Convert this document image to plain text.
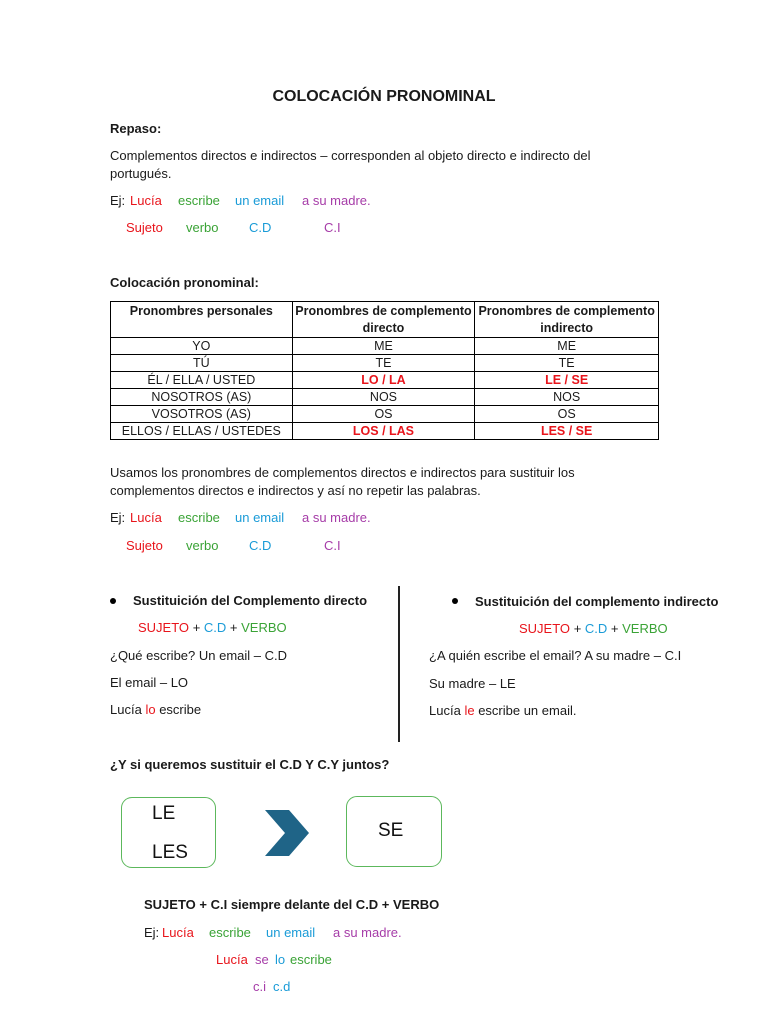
COLOCACIÓN PRONOMINAL
Repaso:
Complementos directos e indirectos – corresponden al objeto directo e indirecto del portugués.
Ej: Lucía escribe un email a su madre.
Sujeto verbo C.D	C.I
Colocación pronominal:
Pronombres personales	Pronombres de complemento directo	Pronombres de complemento indirecto
YO	ME	ME
TÚ	TE	TE
ÉL / ELLA / USTED	LO / LA	LE / SE
NOSOTROS (AS)	NOS	NOS
VOSOTROS (AS)	OS	OS
ELLOS / ELLAS / USTEDES	LOS / LAS	LES / SE
Usamos los pronombres de complementos directos e indirectos para sustituir los complementos directos e indirectos y así no repetir las palabras.
Ej: Lucía escribe un email a su madre.
Sujeto verbo C.D	C.I
Sustituición del Complemento directo
SUJETO + C.D + VERBO
¿Qué escribe? Un email – C.D
El email – LO
Lucía lo escribe
Sustituición del complemento indirecto
SUJETO + C.D + VERBO
¿A quién escribe el email? A su madre – C.I
Su madre – LE
Lucía le escribe un email.
¿Y si queremos sustituir el C.D Y C.Y juntos?
LE
LES
SE
SUJETO + C.I siempre delante del C.D + VERBO
Ej: Lucía escribe un email a su madre.
Lucía se lo escribe
c.i c.d
